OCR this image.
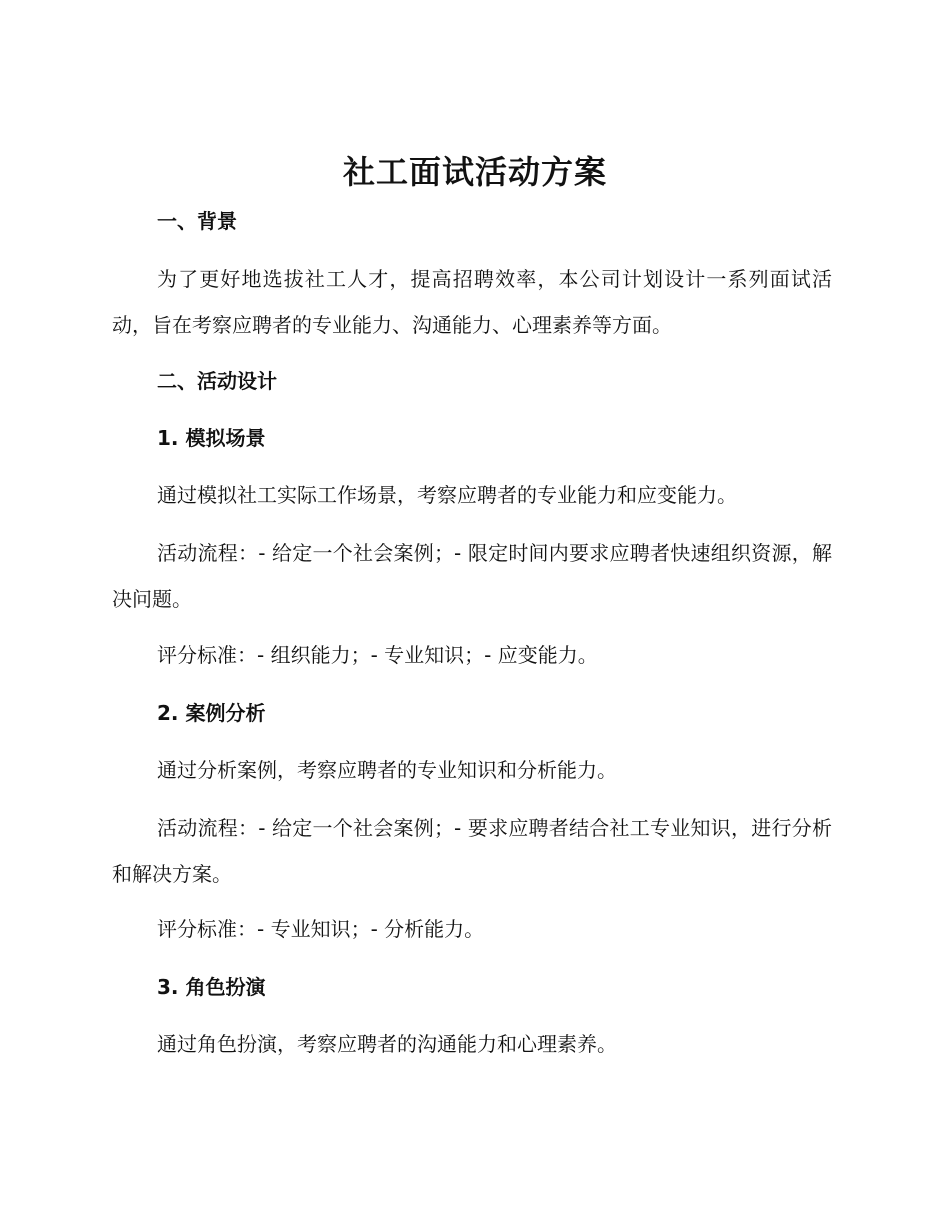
社工面试活动方案
一、背景
为了更好地选拔社工人才，提高招聘效率，本公司计划设计一系列面试活动，旨在考察应聘者的专业能力、沟通能力、心理素养等方面。
二、活动设计
1. 模拟场景
通过模拟社工实际工作场景，考察应聘者的专业能力和应变能力。
活动流程：- 给定一个社会案例；- 限定时间内要求应聘者快速组织资源，解决问题。
评分标准：- 组织能力；- 专业知识；- 应变能力。
2. 案例分析
通过分析案例，考察应聘者的专业知识和分析能力。
活动流程：- 给定一个社会案例；- 要求应聘者结合社工专业知识，进行分析和解决方案。
评分标准：- 专业知识；- 分析能力。
3. 角色扮演
通过角色扮演，考察应聘者的沟通能力和心理素养。
